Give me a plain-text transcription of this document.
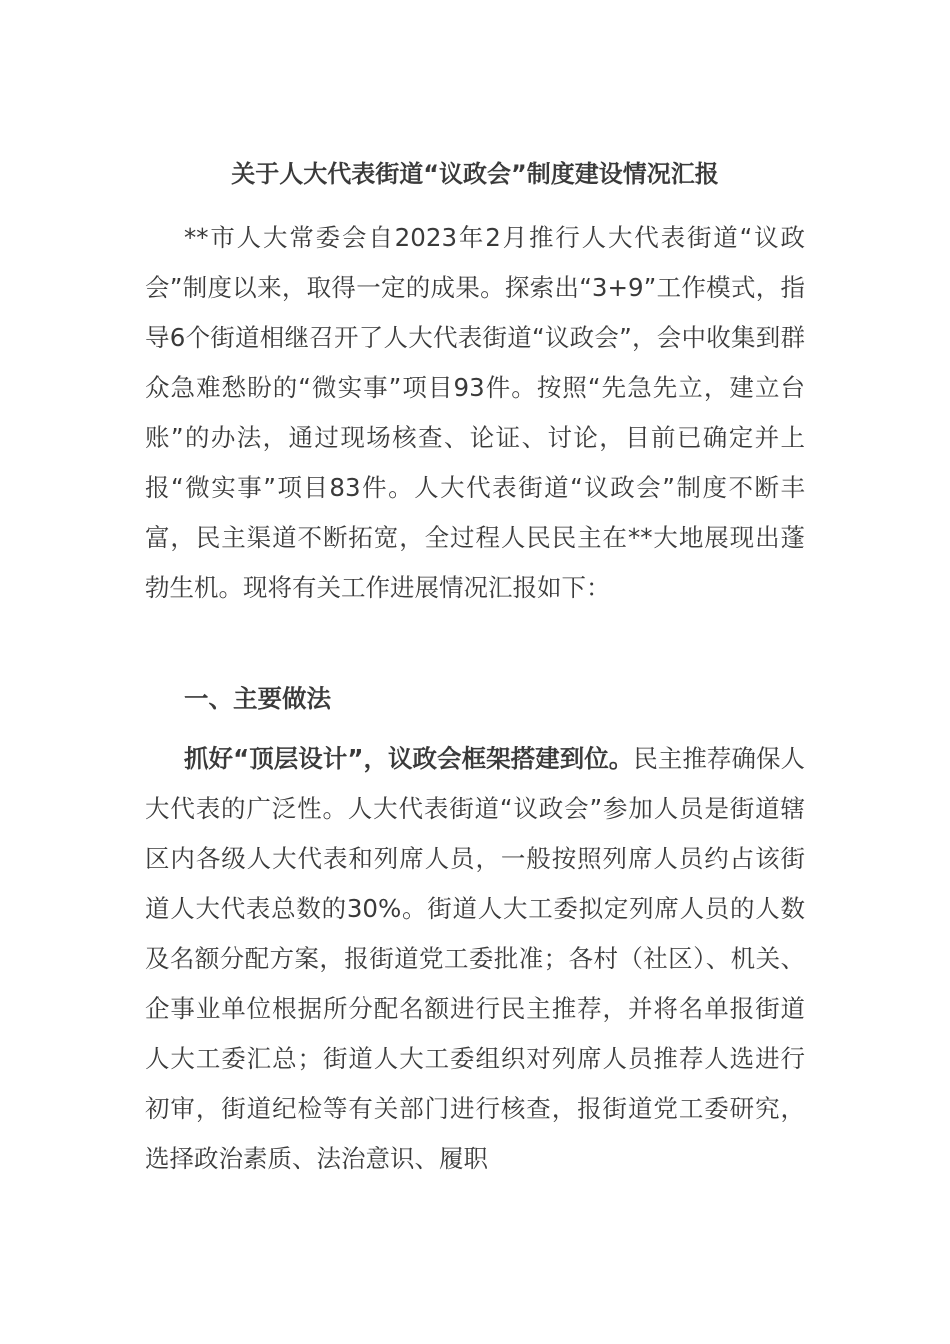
关于人大代表街道“议政会”制度建设情况汇报

**市人大常委会自2023年2月推行人大代表街道“议政会”制度以来，取得一定的成果。探索出“3+9”工作模式，指导6个街道相继召开了人大代表街道“议政会”，会中收集到群众急难愁盼的“微实事”项目93件。按照“先急先立，建立台账”的办法，通过现场核查、论证、讨论，目前已确定并上报“微实事”项目83件。人大代表街道“议政会”制度不断丰富，民主渠道不断拓宽，全过程人民民主在**大地展现出蓬勃生机。现将有关工作进展情况汇报如下：

一、主要做法

抓好“顶层设计”，议政会框架搭建到位。民主推荐确保人大代表的广泛性。人大代表街道“议政会”参加人员是街道辖区内各级人大代表和列席人员，一般按照列席人员约占该街道人大代表总数的30%。街道人大工委拟定列席人员的人数及名额分配方案，报街道党工委批准；各村（社区）、机关、企事业单位根据所分配名额进行民主推荐，并将名单报街道人大工委汇总；街道人大工委组织对列席人员推荐人选进行初审，街道纪检等有关部门进行核查，报街道党工委研究，选择政治素质、法治意识、履职
